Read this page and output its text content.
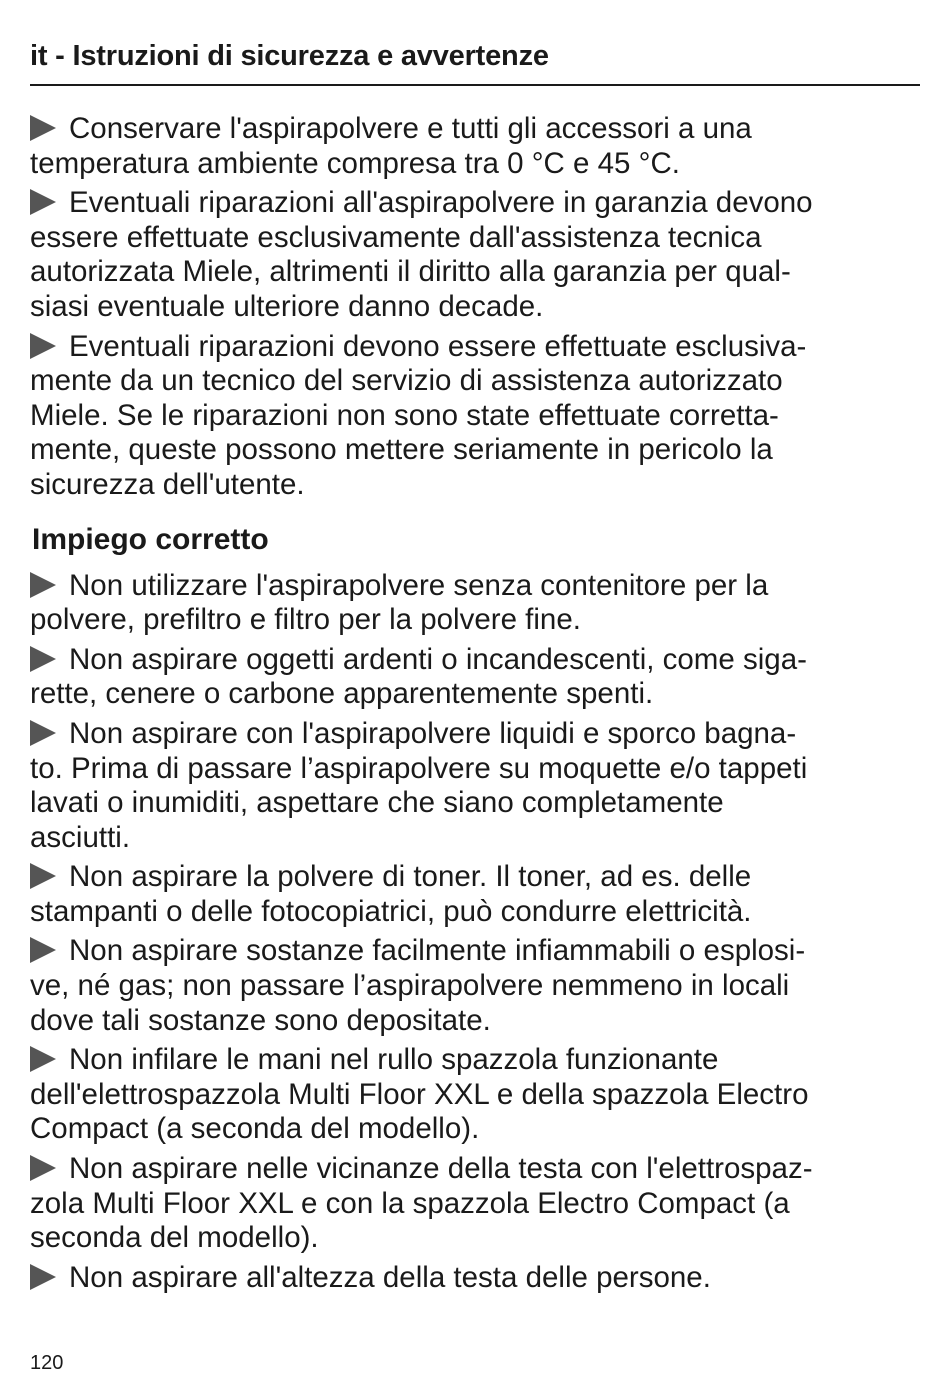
it - Istruzioni di sicurezza e avvertenze
Conservare l'aspirapolvere e tutti gli accessori a una
temperatura ambiente compresa tra 0 °C e 45 °C.
Eventuali riparazioni all'aspirapolvere in garanzia devono
essere effettuate esclusivamente dall'assistenza tecnica
autorizzata Miele, altrimenti il diritto alla garanzia per qual-
siasi eventuale ulteriore danno decade.
Eventuali riparazioni devono essere effettuate esclusiva-
mente da un tecnico del servizio di assistenza autorizzato
Miele. Se le riparazioni non sono state effettuate corretta-
mente, queste possono mettere seriamente in pericolo la
sicurezza dell'utente.
Impiego corretto
Non utilizzare l'aspirapolvere senza contenitore per la
polvere, prefiltro e filtro per la polvere fine.
Non aspirare oggetti ardenti o incandescenti, come siga-
rette, cenere o carbone apparentemente spenti.
Non aspirare con l'aspirapolvere liquidi e sporco bagna-
to. Prima di passare l’aspirapolvere su moquette e/o tappeti
lavati o inumiditi, aspettare che siano completamente
asciutti.
Non aspirare la polvere di toner. Il toner, ad es. delle
stampanti o delle fotocopiatrici, può condurre elettricità.
Non aspirare sostanze facilmente infiammabili o esplosi-
ve, né gas; non passare l’aspirapolvere nemmeno in locali
dove tali sostanze sono depositate.
Non infilare le mani nel rullo spazzola funzionante
dell'elettrospazzola Multi Floor XXL e della spazzola Electro
Compact (a seconda del modello).
Non aspirare nelle vicinanze della testa con l'elettrospaz-
zola Multi Floor XXL e con la spazzola Electro Compact (a
seconda del modello).
Non aspirare all'altezza della testa delle persone.
120
